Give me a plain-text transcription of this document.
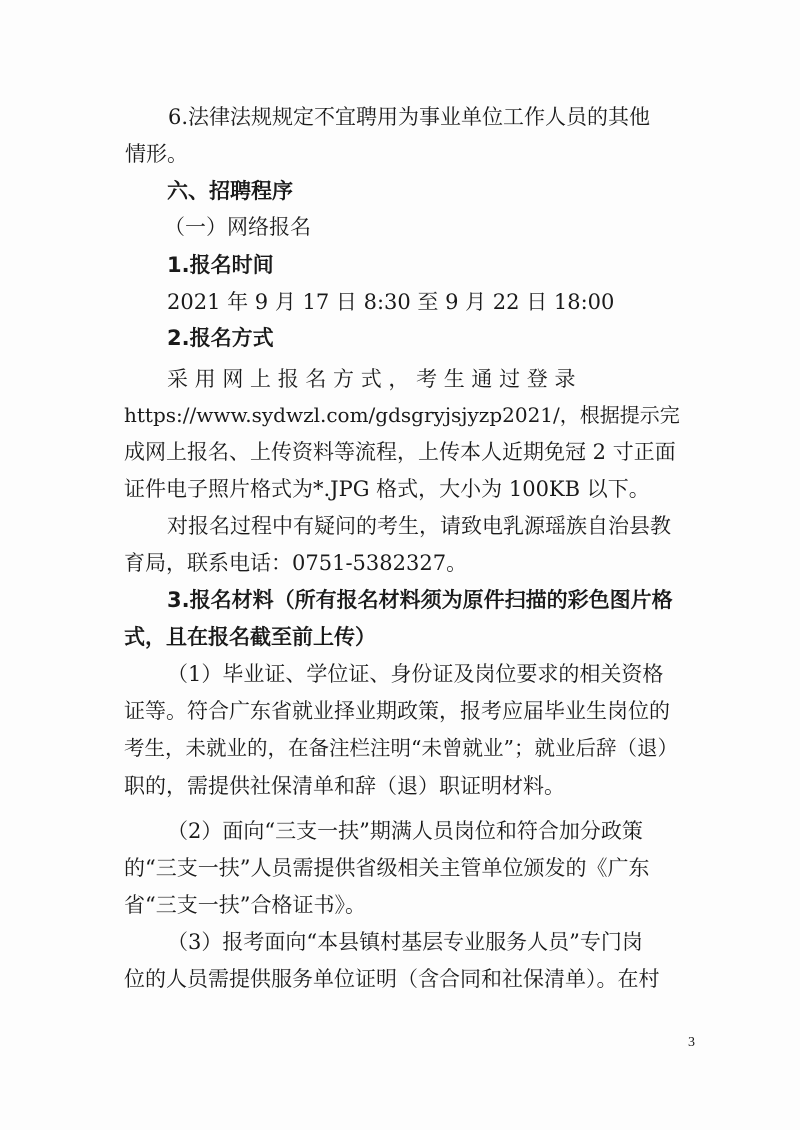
6.法律法规规定不宜聘用为事业单位工作人员的其他

情形。

六、招聘程序

（一）网络报名

1.报名时间

2021 年 9 月 17 日 8:30 至 9 月 22 日 18:00

2.报名方式

采 用 网 上 报 名 方 式 ， 考 生 通 过 登 录

https://www.sydwzl.com/gdsgryjsjyzp2021/，根据提示完

成网上报名、上传资料等流程，上传本人近期免冠 2 寸正面

证件电子照片格式为*.JPG 格式，大小为 100KB 以下。

对报名过程中有疑问的考生，请致电乳源瑶族自治县教

育局，联系电话：0751-5382327。

3.报名材料（所有报名材料须为原件扫描的彩色图片格

式，且在报名截至前上传）

（1）毕业证、学位证、身份证及岗位要求的相关资格

证等。符合广东省就业择业期政策，报考应届毕业生岗位的

考生，未就业的，在备注栏注明“未曾就业”；就业后辞（退）

职的，需提供社保清单和辞（退）职证明材料。

（2）面向“三支一扶”期满人员岗位和符合加分政策

的“三支一扶”人员需提供省级相关主管单位颁发的《广东

省“三支一扶”合格证书》。

（3）报考面向“本县镇村基层专业服务人员”专门岗

位的人员需提供服务单位证明（含合同和社保清单）。在村

3
